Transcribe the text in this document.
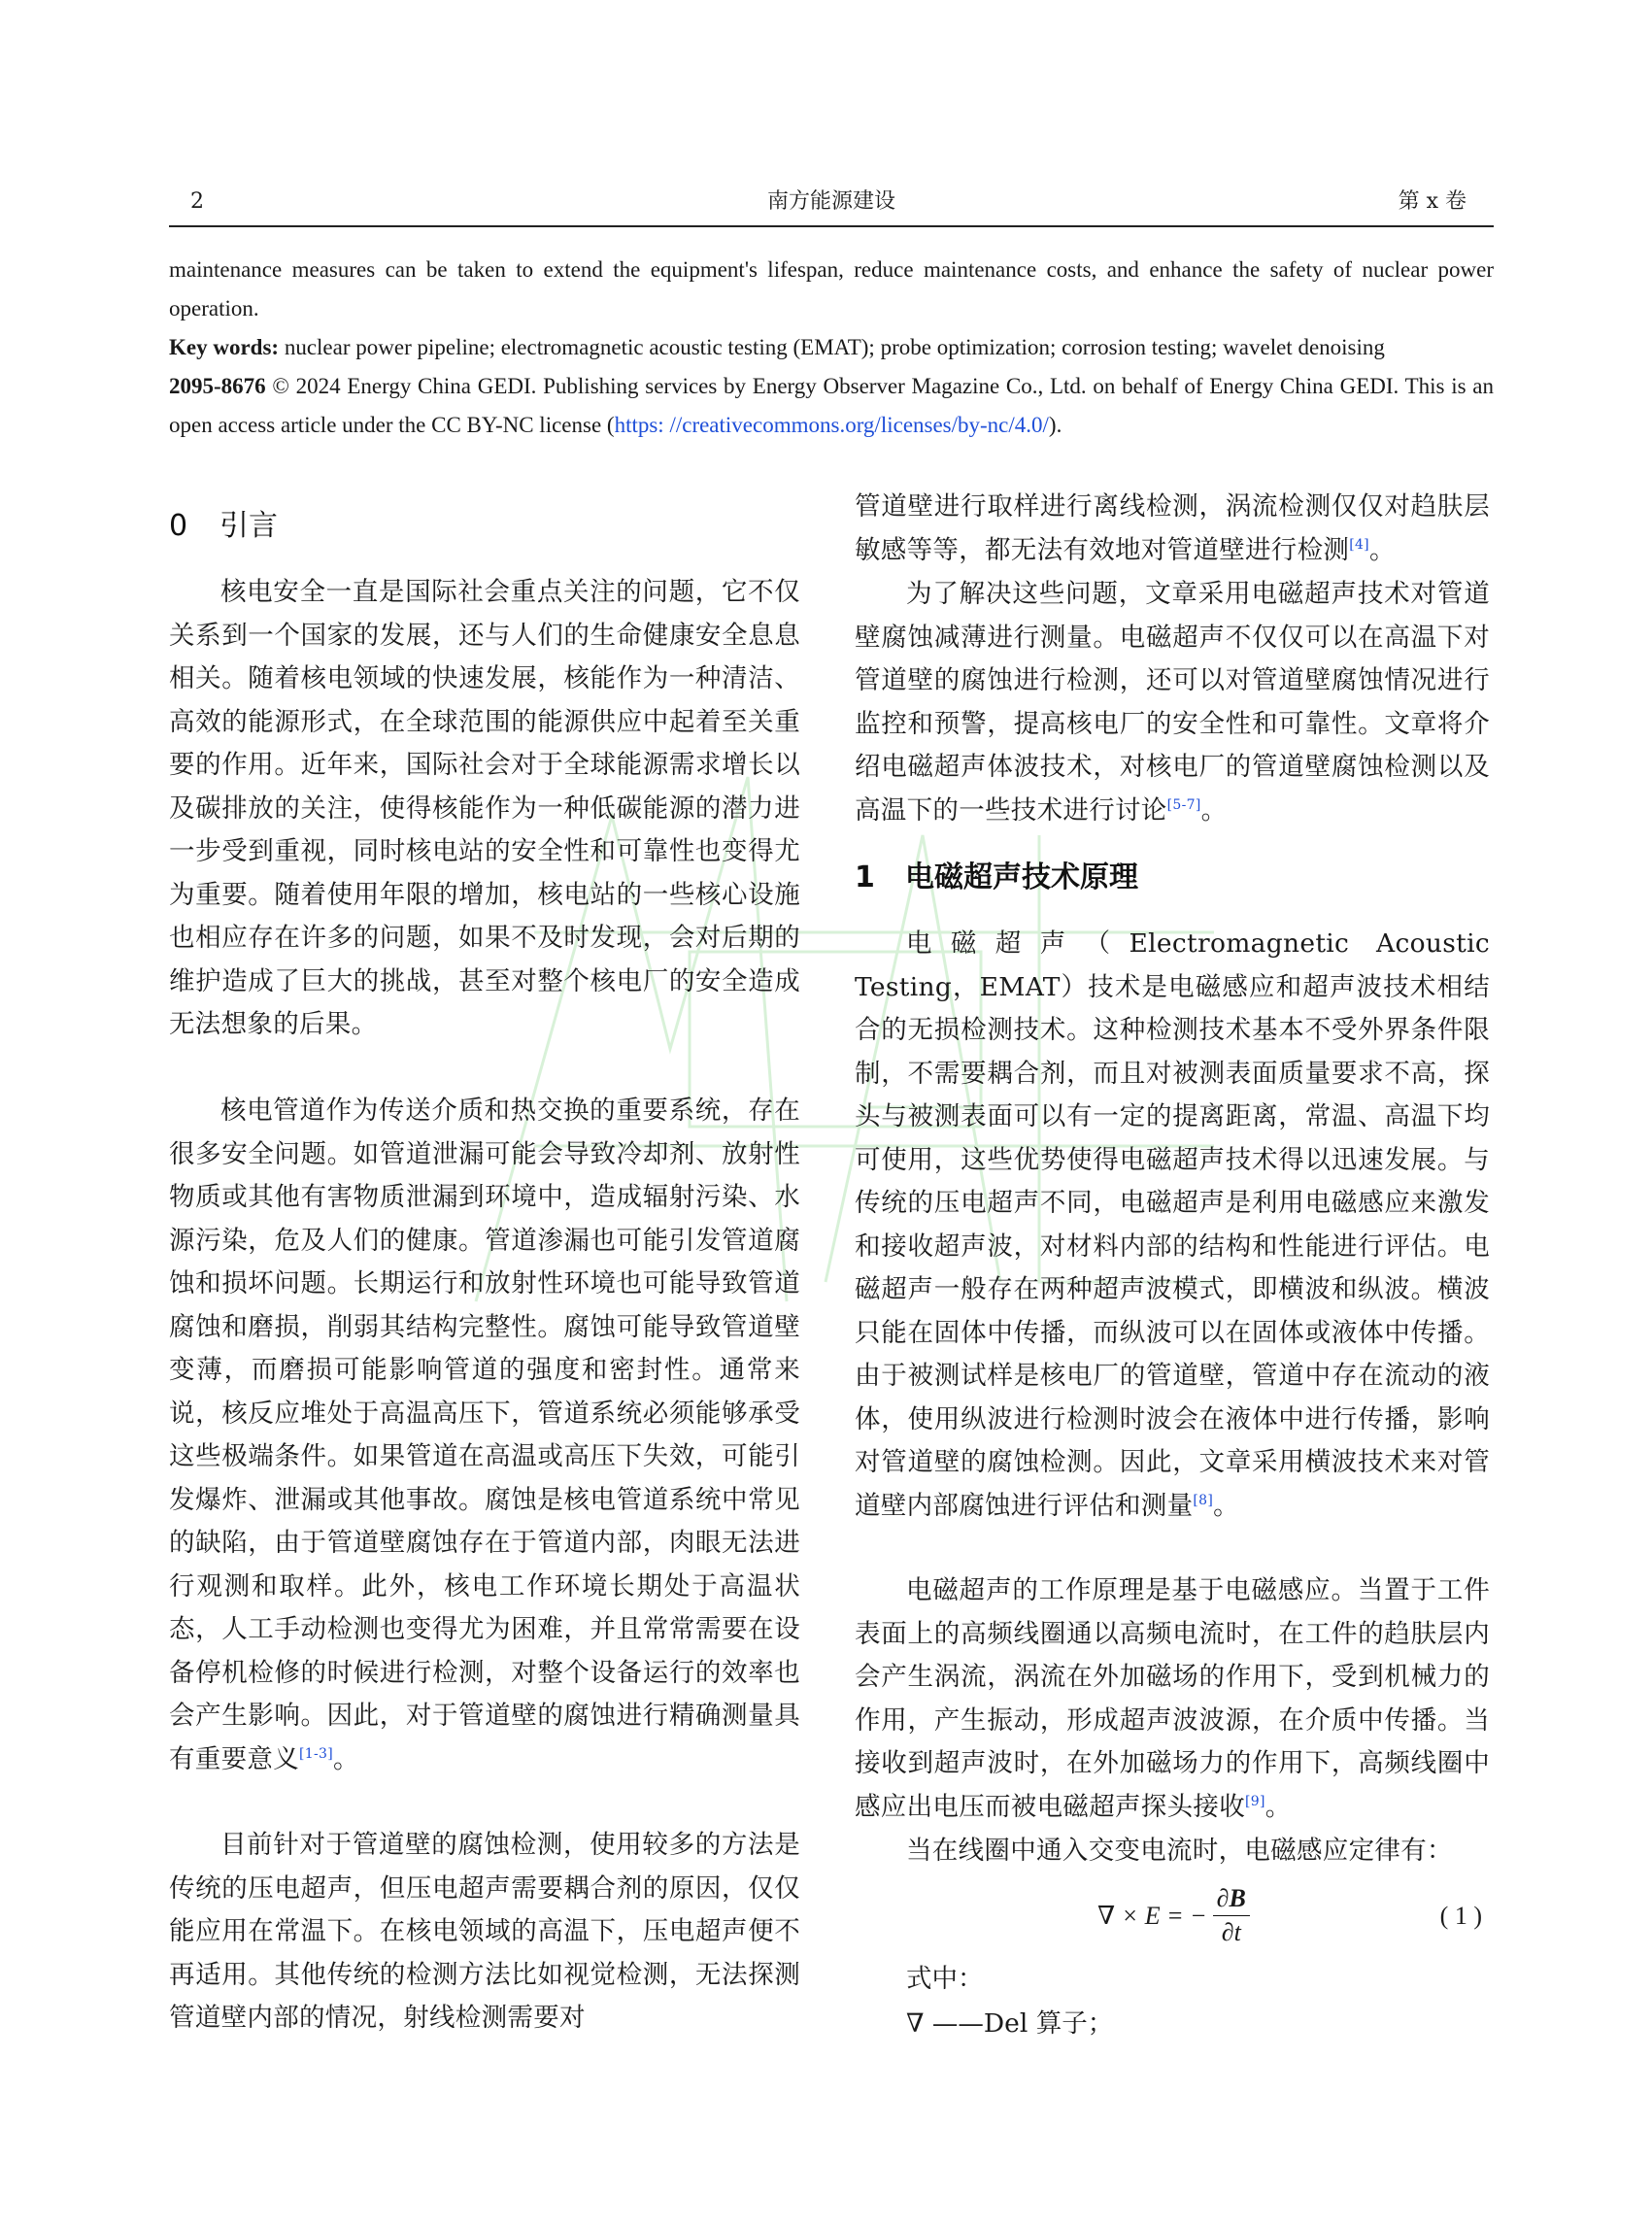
2	南方能源建设	第 x 卷
maintenance measures can be taken to extend the equipment's lifespan, reduce maintenance costs, and enhance the safety of nuclear power operation.
Key words: nuclear power pipeline; electromagnetic acoustic testing (EMAT); probe optimization; corrosion testing; wavelet denoising
2095-8676 © 2024 Energy China GEDI. Publishing services by Energy Observer Magazine Co., Ltd. on behalf of Energy China GEDI. This is an open access article under the CC BY-NC license (https: //creativecommons.org/licenses/by-nc/4.0/).
0 引言
核电安全一直是国际社会重点关注的问题，它不仅关系到一个国家的发展，还与人们的生命健康安全息息相关。随着核电领域的快速发展，核能作为一种清洁、高效的能源形式，在全球范围的能源供应中起着至关重要的作用。近年来，国际社会对于全球能源需求增长以及碳排放的关注，使得核能作为一种低碳能源的潜力进一步受到重视，同时核电站的安全性和可靠性也变得尤为重要。随着使用年限的增加，核电站的一些核心设施也相应存在许多的问题，如果不及时发现，会对后期的维护造成了巨大的挑战，甚至对整个核电厂的安全造成无法想象的后果。
核电管道作为传送介质和热交换的重要系统，存在很多安全问题。如管道泄漏可能会导致冷却剂、放射性物质或其他有害物质泄漏到环境中，造成辐射污染、水源污染，危及人们的健康。管道渗漏也可能引发管道腐蚀和损坏问题。长期运行和放射性环境也可能导致管道腐蚀和磨损，削弱其结构完整性。腐蚀可能导致管道壁变薄，而磨损可能影响管道的强度和密封性。通常来说，核反应堆处于高温高压下，管道系统必须能够承受这些极端条件。如果管道在高温或高压下失效，可能引发爆炸、泄漏或其他事故。腐蚀是核电管道系统中常见的缺陷，由于管道壁腐蚀存在于管道内部，肉眼无法进行观测和取样。此外，核电工作环境长期处于高温状态，人工手动检测也变得尤为困难，并且常常需要在设备停机检修的时候进行检测，对整个设备运行的效率也会产生影响。因此，对于管道壁的腐蚀进行精确测量具有重要意义[1-3]。
目前针对于管道壁的腐蚀检测，使用较多的方法是传统的压电超声，但压电超声需要耦合剂的原因，仅仅能应用在常温下。在核电领域的高温下，压电超声便不再适用。其他传统的检测方法比如视觉检测，无法探测管道壁内部的情况，射线检测需要对
管道壁进行取样进行离线检测，涡流检测仅仅对趋肤层敏感等等，都无法有效地对管道壁进行检测[4]。
为了解决这些问题，文章采用电磁超声技术对管道壁腐蚀减薄进行测量。电磁超声不仅仅可以在高温下对管道壁的腐蚀进行检测，还可以对管道壁腐蚀情况进行监控和预警，提高核电厂的安全性和可靠性。文章将介绍电磁超声体波技术，对核电厂的管道壁腐蚀检测以及高温下的一些技术进行讨论[5-7]。
1 电磁超声技术原理
电磁超声（Electromagnetic Acoustic Testing，EMAT）技术是电磁感应和超声波技术相结合的无损检测技术。这种检测技术基本不受外界条件限制，不需要耦合剂，而且对被测表面质量要求不高，探头与被测表面可以有一定的提离距离，常温、高温下均可使用，这些优势使得电磁超声技术得以迅速发展。与传统的压电超声不同，电磁超声是利用电磁感应来激发和接收超声波，对材料内部的结构和性能进行评估。电磁超声一般存在两种超声波模式，即横波和纵波。横波只能在固体中传播，而纵波可以在固体或液体中传播。由于被测试样是核电厂的管道壁，管道中存在流动的液体，使用纵波进行检测时波会在液体中进行传播，影响对管道壁的腐蚀检测。因此，文章采用横波技术来对管道壁内部腐蚀进行评估和测量[8]。
电磁超声的工作原理是基于电磁感应。当置于工件表面上的高频线圈通以高频电流时，在工件的趋肤层内会产生涡流，涡流在外加磁场的作用下，受到机械力的作用，产生振动，形成超声波波源，在介质中传播。当接收到超声波时，在外加磁场力的作用下，高频线圈中感应出电压而被电磁超声探头接收[9]。
当在线圈中通入交变电流时，电磁感应定律有：
∇ × E = − $\frac{\partial B}{\partial t}$	( 1 )
式中：
∇ ——Del 算子；
